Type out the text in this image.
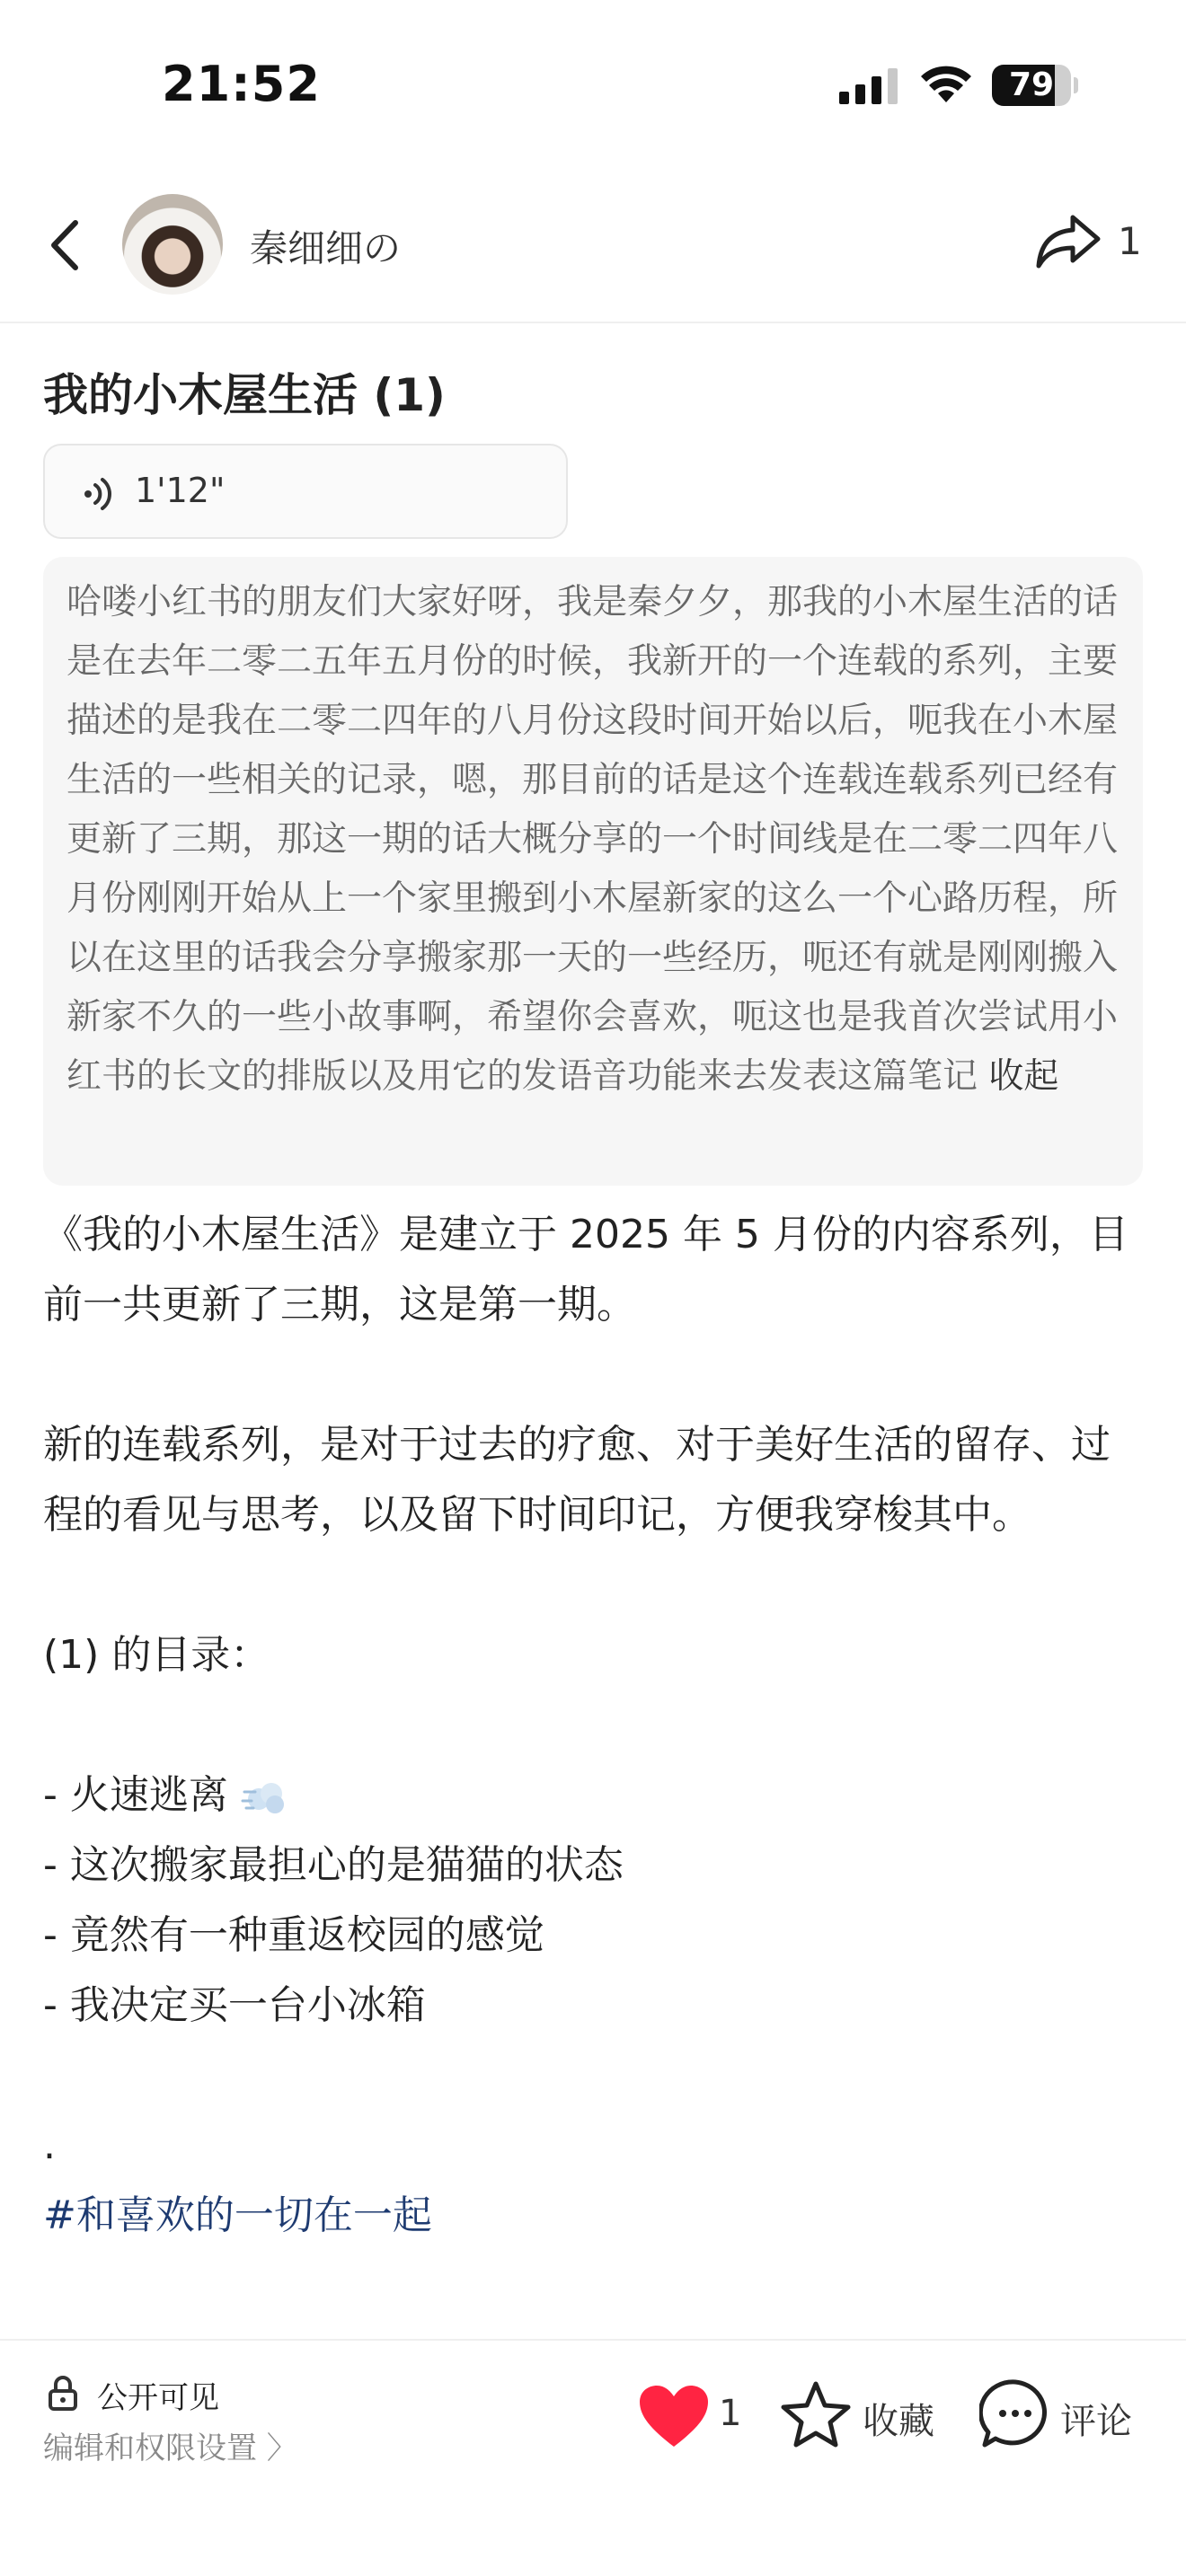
21:52	79
秦细细の	1
我的小木屋生活 (1)
1'12"
哈喽小红书的朋友们大家好呀，我是秦夕夕，那我的小木屋生活的话是在去年二零二五年五月份的时候，我新开的一个连载的系列，主要描述的是我在二零二四年的八月份这段时间开始以后，呃我在小木屋生活的一些相关的记录，嗯，那目前的话是这个连载连载系列已经有更新了三期，那这一期的话大概分享的一个时间线是在二零二四年八月份刚刚开始从上一个家里搬到小木屋新家的这么一个心路历程，所以在这里的话我会分享搬家那一天的一些经历，呃还有就是刚刚搬入新家不久的一些小故事啊，希望你会喜欢，呃这也是我首次尝试用小红书的长文的排版以及用它的发语音功能来去发表这篇笔记 收起

《我的小木屋生活》是建立于 2025 年 5 月份的内容系列，目前一共更新了三期，这是第一期。

新的连载系列，是对于过去的疗愈、对于美好生活的留存、过程的看见与思考，以及留下时间印记，方便我穿梭其中。

(1) 的目录：

- 火速逃离

- 这次搬家最担心的是猫猫的状态

- 竟然有一种重返校园的感觉

- 我决定买一台小冰箱

.

#和喜欢的一切在一起

公开可见
编辑和权限设置 〉
1	收藏	评论
